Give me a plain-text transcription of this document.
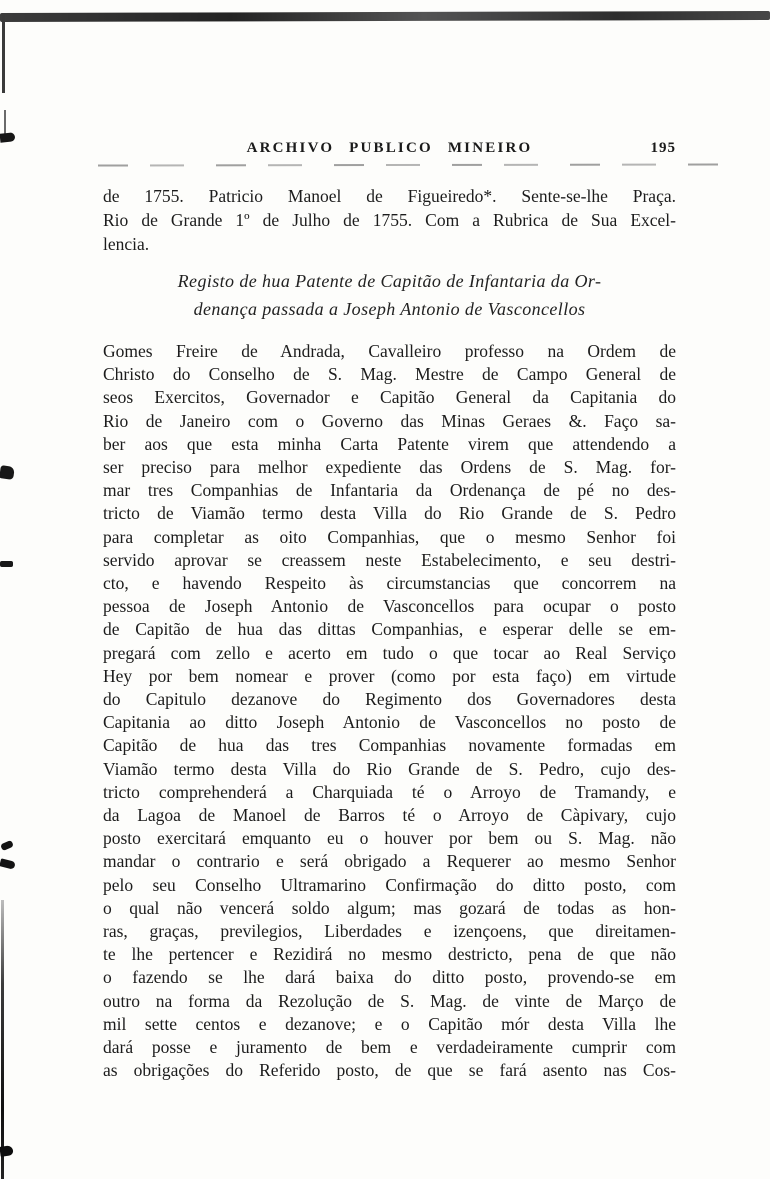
ARCHIVO PUBLICO MINEIRO	195
de 1755. Patricio Manoel de Figueiredo*. Sente-se-lhe Praça.
Rio de Grande 1º de Julho de 1755. Com a Rubrica de Sua Excel-
lencia.
Registo de hua Patente de Capitão de Infantaria da Or-
denança passada a Joseph Antonio de Vasconcellos
Gomes Freire de Andrada, Cavalleiro professo na Ordem de
Christo do Conselho de S. Mag. Mestre de Campo General de
seos Exercitos, Governador e Capitão General da Capitania do
Rio de Janeiro com o Governo das Minas Geraes &. Faço sa-
ber aos que esta minha Carta Patente virem que attendendo a
ser preciso para melhor expediente das Ordens de S. Mag. for-
mar tres Companhias de Infantaria da Ordenança de pé no des-
tricto de Viamão termo desta Villa do Rio Grande de S. Pedro
para completar as oito Companhias, que o mesmo Senhor foi
servido aprovar se creassem neste Estabelecimento, e seu destri-
cto, e havendo Respeito às circumstancias que concorrem na
pessoa de Joseph Antonio de Vasconcellos para ocupar o posto
de Capitão de hua das dittas Companhias, e esperar delle se em-
pregará com zello e acerto em tudo o que tocar ao Real Serviço
Hey por bem nomear e prover (como por esta faço) em virtude
do Capitulo dezanove do Regimento dos Governadores desta
Capitania ao ditto Joseph Antonio de Vasconcellos no posto de
Capitão de hua das tres Companhias novamente formadas em
Viamão termo desta Villa do Rio Grande de S. Pedro, cujo des-
tricto comprehenderá a Charquiada té o Arroyo de Tramandy, e
da Lagoa de Manoel de Barros té o Arroyo de Càpivary, cujo
posto exercitará emquanto eu o houver por bem ou S. Mag. não
mandar o contrario e será obrigado a Requerer ao mesmo Senhor
pelo seu Conselho Ultramarino Confirmação do ditto posto, com
o qual não vencerá soldo algum; mas gozará de todas as hon-
ras, graças, previlegios, Liberdades e izençoens, que direitamen-
te lhe pertencer e Rezidirá no mesmo destricto, pena de que não
o fazendo se lhe dará baixa do ditto posto, provendo-se em
outro na forma da Rezolução de S. Mag. de vinte de Março de
mil sette centos e dezanove; e o Capitão mór desta Villa lhe
dará posse e juramento de bem e verdadeiramente cumprir com
as obrigações do Referido posto, de que se fará asento nas Cos-
